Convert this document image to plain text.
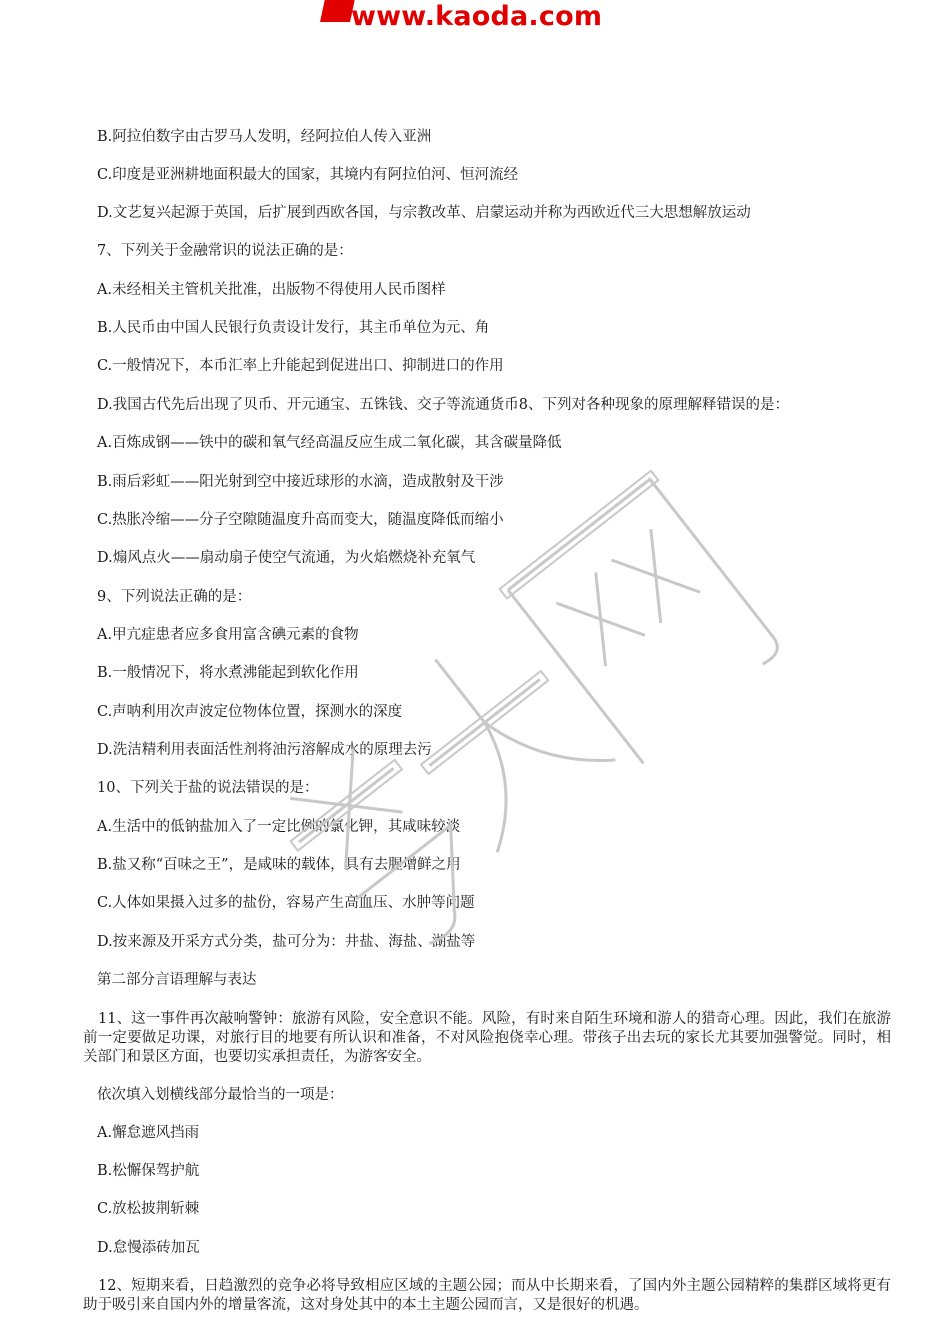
www.kaoda.com
B.阿拉伯数字由古罗马人发明，经阿拉伯人传入亚洲
C.印度是亚洲耕地面积最大的国家，其境内有阿拉伯河、恒河流经
D.文艺复兴起源于英国，后扩展到西欧各国，与宗教改革、启蒙运动并称为西欧近代三大思想解放运动
7、下列关于金融常识的说法正确的是：
A.未经相关主管机关批准，出版物不得使用人民币图样
B.人民币由中国人民银行负责设计发行，其主币单位为元、角
C.一般情况下，本币汇率上升能起到促进出口、抑制进口的作用
D.我国古代先后出现了贝币、开元通宝、五铢钱、交子等流通货币8、下列对各种现象的原理解释错误的是：
A.百炼成钢——铁中的碳和氧气经高温反应生成二氧化碳，其含碳量降低
B.雨后彩虹——阳光射到空中接近球形的水滴，造成散射及干涉
C.热胀冷缩——分子空隙随温度升高而变大，随温度降低而缩小
D.煽风点火——扇动扇子使空气流通，为火焰燃烧补充氧气
9、下列说法正确的是：
A.甲亢症患者应多食用富含碘元素的食物
B.一般情况下，将水煮沸能起到软化作用
C.声呐利用次声波定位物体位置，探测水的深度
D.洗洁精利用表面活性剂将油污溶解成水的原理去污
10、下列关于盐的说法错误的是：
A.生活中的低钠盐加入了一定比例的氯化钾，其咸味较淡
B.盐又称“百味之王”，是咸味的载体，具有去腥增鲜之用
C.人体如果摄入过多的盐份，容易产生高血压、水肿等问题
D.按来源及开采方式分类，盐可分为：井盐、海盐、湖盐等
第二部分言语理解与表达
11、这一事件再次敲响警钟：旅游有风险，安全意识不能。风险，有时来自陌生环境和游人的猎奇心理。因此，我们在旅游前一定要做足功课，对旅行目的地要有所认识和准备，不对风险抱侥幸心理。带孩子出去玩的家长尤其要加强警觉。同时，相关部门和景区方面，也要切实承担责任，为游客安全。
依次填入划横线部分最恰当的一项是：
A.懈怠遮风挡雨
B.松懈保驾护航
C.放松披荆斩棘
D.怠慢添砖加瓦
12、短期来看，日趋激烈的竞争必将导致相应区域的主题公园；而从中长期来看，了国内外主题公园精粹的集群区域将更有助于吸引来自国内外的增量客流，这对身处其中的本土主题公园而言，又是很好的机遇。
